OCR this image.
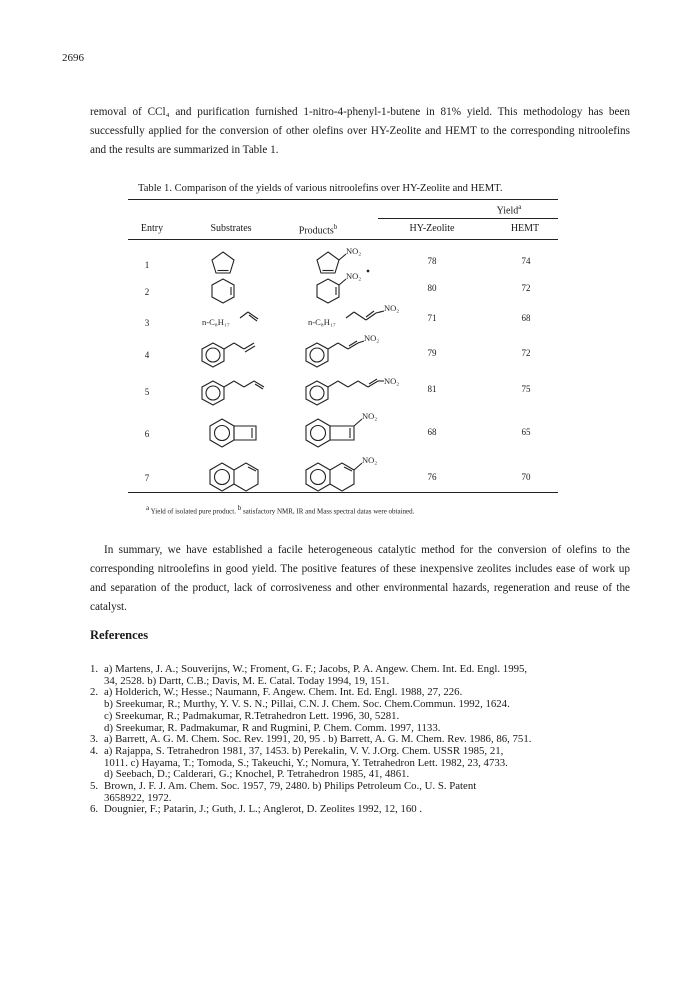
2696

removal of CCl₄ and purification furnished 1-nitro-4-phenyl-1-butene in 81% yield. This methodology has been successfully applied for the conversion of other olefins over HY-Zeolite and HEMT to the corresponding nitroolefins and the results are summarized in Table 1.

Table 1. Comparison of the yields of various nitroolefins over HY-Zeolite and HEMT.
Yield$^a$
Entry	Substrates	Products$^b$	HY-Zeolite	HEMT
1	78	74
2	80	72
3	71	68
4	79	72
5	81	75
6	68	65
7	76	70
NO₂
NO₂
n-C₈H₁₇	n-C₈H₁₇
NO₂
NO₂
NO₂
NO₂
NO₂
$^a$ Yield of isolated pure product. $^b$ satisfactory NMR, IR and Mass spectral datas were obtained.

In summary, we have established a facile heterogeneous catalytic method for the conversion of olefins to the corresponding nitroolefins in good yield. The positive features of these inexpensive zeolites includes ease of work up and separation of the product, lack of corrosiveness and other environmental hazards, regeneration and reuse of the catalyst.

References
1. a) Martens, J. A.; Souverijns, W.; Froment, G. F.; Jacobs, P. A. Angew. Chem. Int. Ed. Engl. 1995,
34, 2528. b) Dartt, C.B.; Davis, M. E. Catal. Today 1994, 19, 151.
2. a) Holderich, W.; Hesse.; Naumann, F. Angew. Chem. Int. Ed. Engl. 1988, 27, 226.
b) Sreekumar, R.; Murthy, Y. V. S. N.; Pillai, C.N. J. Chem. Soc. Chem.Commun. 1992, 1624.
c) Sreekumar, R.; Padmakumar, R.Tetrahedron Lett. 1996, 30, 5281.
d) Sreekumar, R. Padmakumar, R and Rugmini, P. Chem. Comm. 1997, 1133.
3. a) Barrett, A. G. M. Chem. Soc. Rev. 1991, 20, 95 . b) Barrett, A. G. M. Chem. Rev. 1986, 86, 751.
4. a) Rajappa, S. Tetrahedron 1981, 37, 1453. b) Perekalin, V. V. J.Org. Chem. USSR 1985, 21,
1011. c) Hayama, T.; Tomoda, S.; Takeuchi, Y.; Nomura, Y. Tetrahedron Lett. 1982, 23, 4733.
d) Seebach, D.; Calderari, G.; Knochel, P. Tetrahedron 1985, 41, 4861.
5. Brown, J. F. J. Am. Chem. Soc. 1957, 79, 2480. b) Philips Petroleum Co., U. S. Patent
3658922, 1972.
6. Dougnier, F.; Patarin, J.; Guth, J. L.; Anglerot, D. Zeolites 1992, 12, 160 .
